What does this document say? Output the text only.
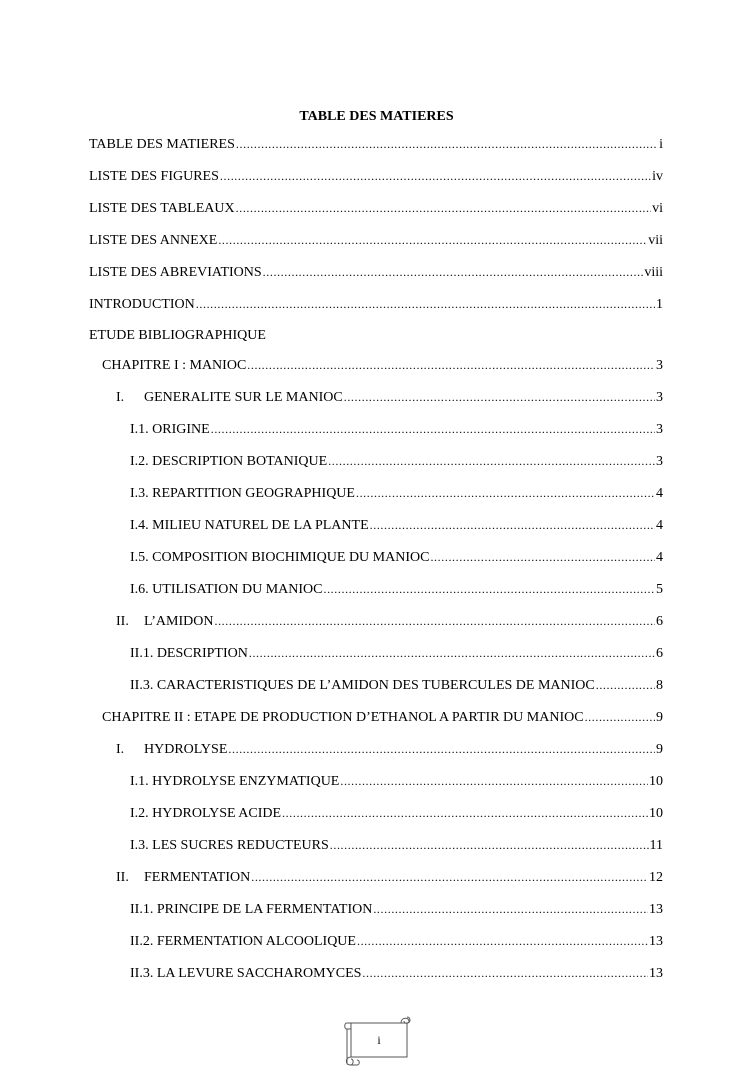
TABLE DES MATIERES
TABLE DES MATIERES .....	i
LISTE DES FIGURES .....	iv
LISTE DES TABLEAUX .....	vi
LISTE DES ANNEXE .....	vii
LISTE DES ABREVIATIONS .....	viii
INTRODUCTION .....	1
ETUDE BIBLIOGRAPHIQUE
CHAPITRE I : MANIOC .....	3
I. GENERALITE SUR LE MANIOC .....	3
I.1. ORIGINE .....	3
I.2. DESCRIPTION BOTANIQUE .....	3
I.3. REPARTITION GEOGRAPHIQUE .....	4
I.4. MILIEU NATUREL DE LA PLANTE .....	4
I.5. COMPOSITION BIOCHIMIQUE DU MANIOC .....	4
I.6. UTILISATION DU MANIOC .....	5
II. L’AMIDON .....	6
II.1. DESCRIPTION .....	6
II.3. CARACTERISTIQUES DE L’AMIDON DES TUBERCULES DE MANIOC .....	8
CHAPITRE II : ETAPE DE PRODUCTION D’ETHANOL A PARTIR DU MANIOC .....	9
I. HYDROLYSE .....	9
I.1. HYDROLYSE ENZYMATIQUE .....	10
I.2. HYDROLYSE ACIDE .....	10
I.3. LES SUCRES REDUCTEURS .....	11
II. FERMENTATION .....	12
II.1. PRINCIPE DE LA FERMENTATION .....	13
II.2. FERMENTATION ALCOOLIQUE .....	13
II.3. LA LEVURE SACCHAROMYCES .....	13
i
